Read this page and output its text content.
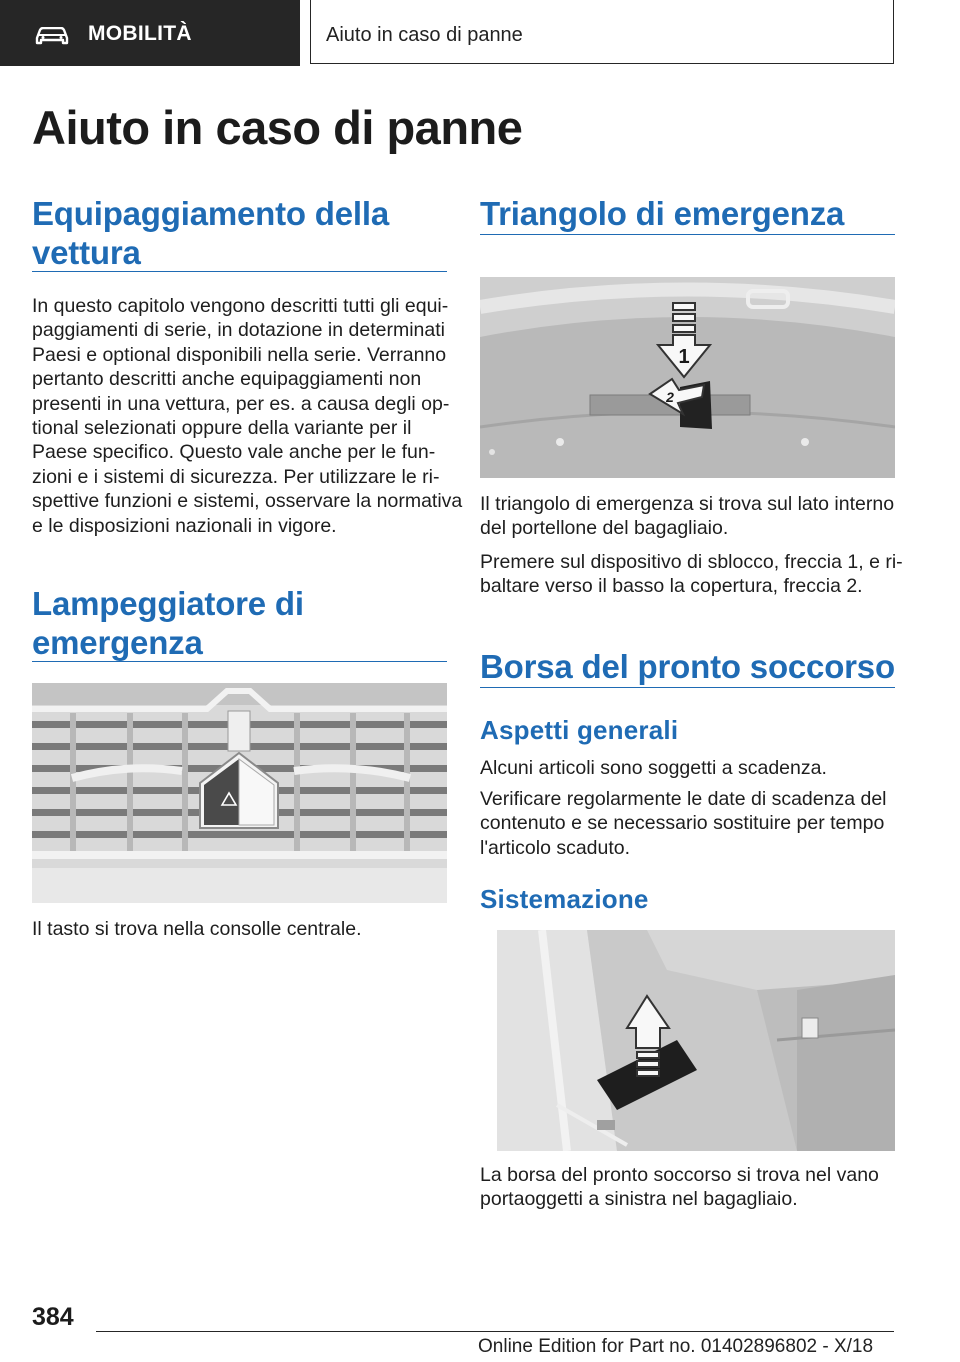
MOBILITÀ	Aiuto in caso di panne
Aiuto in caso di panne
Equipaggiamento della
vettura
In questo capitolo vengono descritti tutti gli equi-
paggiamenti di serie, in dotazione in determinati
Paesi e optional disponibili nella serie. Verranno
pertanto descritti anche equipaggiamenti non
presenti in una vettura, per es. a causa degli op-
tional selezionati oppure della variante per il
Paese specifico. Questo vale anche per le fun-
zioni e i sistemi di sicurezza. Per utilizzare le ri-
spettive funzioni e sistemi, osservare la normativa
e le disposizioni nazionali in vigore.
Lampeggiatore di
emergenza
Il tasto si trova nella consolle centrale.
Triangolo di emergenza
1
2
Il triangolo di emergenza si trova sul lato interno
del portellone del bagagliaio.
Premere sul dispositivo di sblocco, freccia 1, e ri-
baltare verso il basso la copertura, freccia 2.
Borsa del pronto soccorso
Aspetti generali
Alcuni articoli sono soggetti a scadenza.
Verificare regolarmente le date di scadenza del
contenuto e se necessario sostituire per tempo
l'articolo scaduto.
Sistemazione
La borsa del pronto soccorso si trova nel vano
portaoggetti a sinistra nel bagagliaio.
384
Online Edition for Part no. 01402896802 - X/18
